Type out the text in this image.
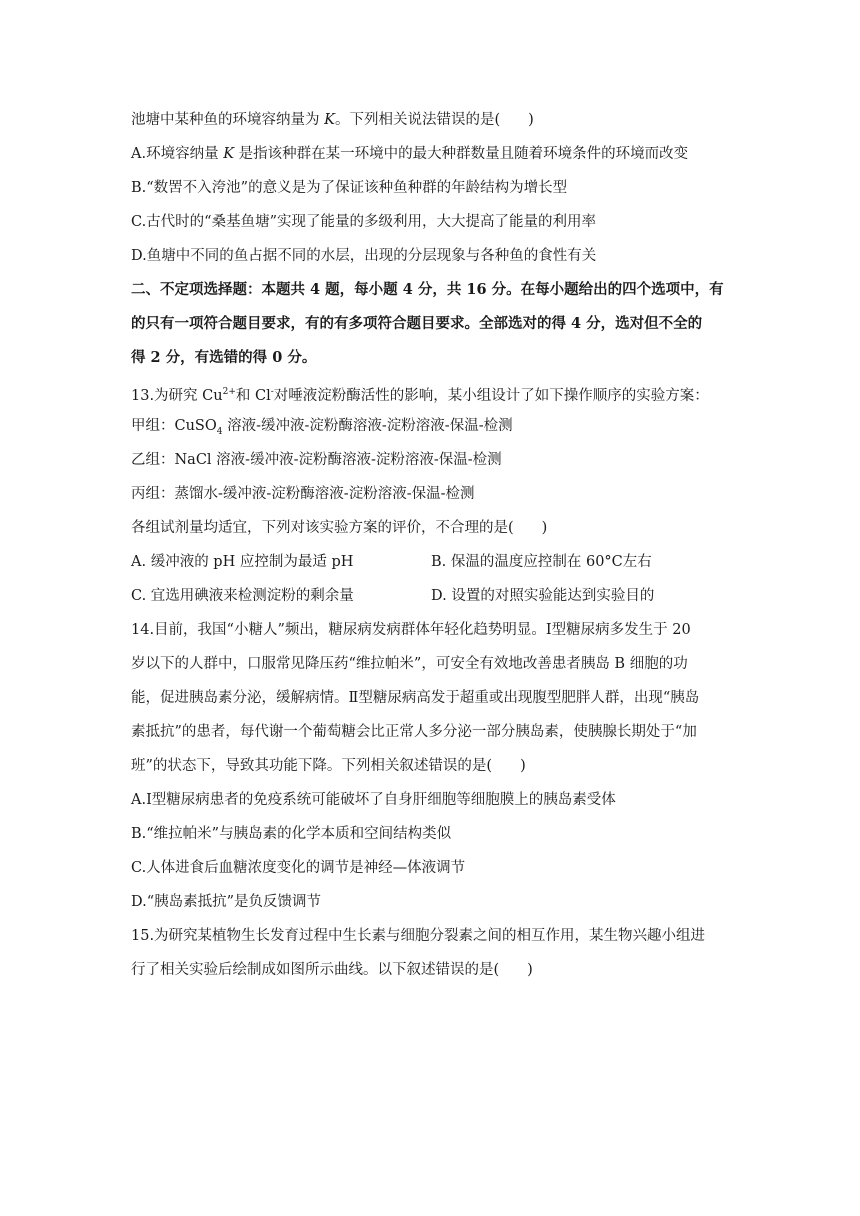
池塘中某种鱼的环境容纳量为 K。下列相关说法错误的是( )
A.环境容纳量 K 是指该种群在某一环境中的最大种群数量且随着环境条件的环境而改变
B.“数罟不入洿池”的意义是为了保证该种鱼种群的年龄结构为增长型
C.古代时的“桑基鱼塘”实现了能量的多级利用，大大提高了能量的利用率
D.鱼塘中不同的鱼占据不同的水层，出现的分层现象与各种鱼的食性有关
二、不定项选择题：本题共 4 题，每小题 4 分，共 16 分。在每小题给出的四个选项中，有
的只有一项符合题目要求，有的有多项符合题目要求。全部选对的得 4 分，选对但不全的
得 2 分，有选错的得 0 分。
13.为研究 $Cu^{2+}$和 Cl-对唾液淀粉酶活性的影响，某小组设计了如下操作顺序的实验方案：
甲组：CuSO$_4$ 溶液-缓冲液-淀粉酶溶液-淀粉溶液-保温-检测
乙组：NaCl 溶液-缓冲液-淀粉酶溶液-淀粉溶液-保温-检测
丙组：蒸馏水-缓冲液-淀粉酶溶液-淀粉溶液-保温-检测
各组试剂量均适宜，下列对该实验方案的评价，不合理的是( )
A. 缓冲液的 pH 应控制为最适 pH	B. 保温的温度应控制在 60°C左右
C. 宜选用碘液来检测淀粉的剩余量	D. 设置的对照实验能达到实验目的
14.目前，我国“小糖人”频出，糖尿病发病群体年轻化趋势明显。Ⅰ型糖尿病多发生于 20
岁以下的人群中，口服常见降压药“维拉帕米”，可安全有效地改善患者胰岛 B 细胞的功
能，促进胰岛素分泌，缓解病情。Ⅱ型糖尿病高发于超重或出现腹型肥胖人群，出现“胰岛
素抵抗”的患者，每代谢一个葡萄糖会比正常人多分泌一部分胰岛素，使胰腺长期处于“加
班”的状态下，导致其功能下降。下列相关叙述错误的是( )
A.Ⅰ型糖尿病患者的免疫系统可能破坏了自身肝细胞等细胞膜上的胰岛素受体
B.“维拉帕米”与胰岛素的化学本质和空间结构类似
C.人体进食后血糖浓度变化的调节是神经—体液调节
D.“胰岛素抵抗”是负反馈调节
15.为研究某植物生长发育过程中生长素与细胞分裂素之间的相互作用，某生物兴趣小组进
行了相关实验后绘制成如图所示曲线。以下叙述错误的是( )
